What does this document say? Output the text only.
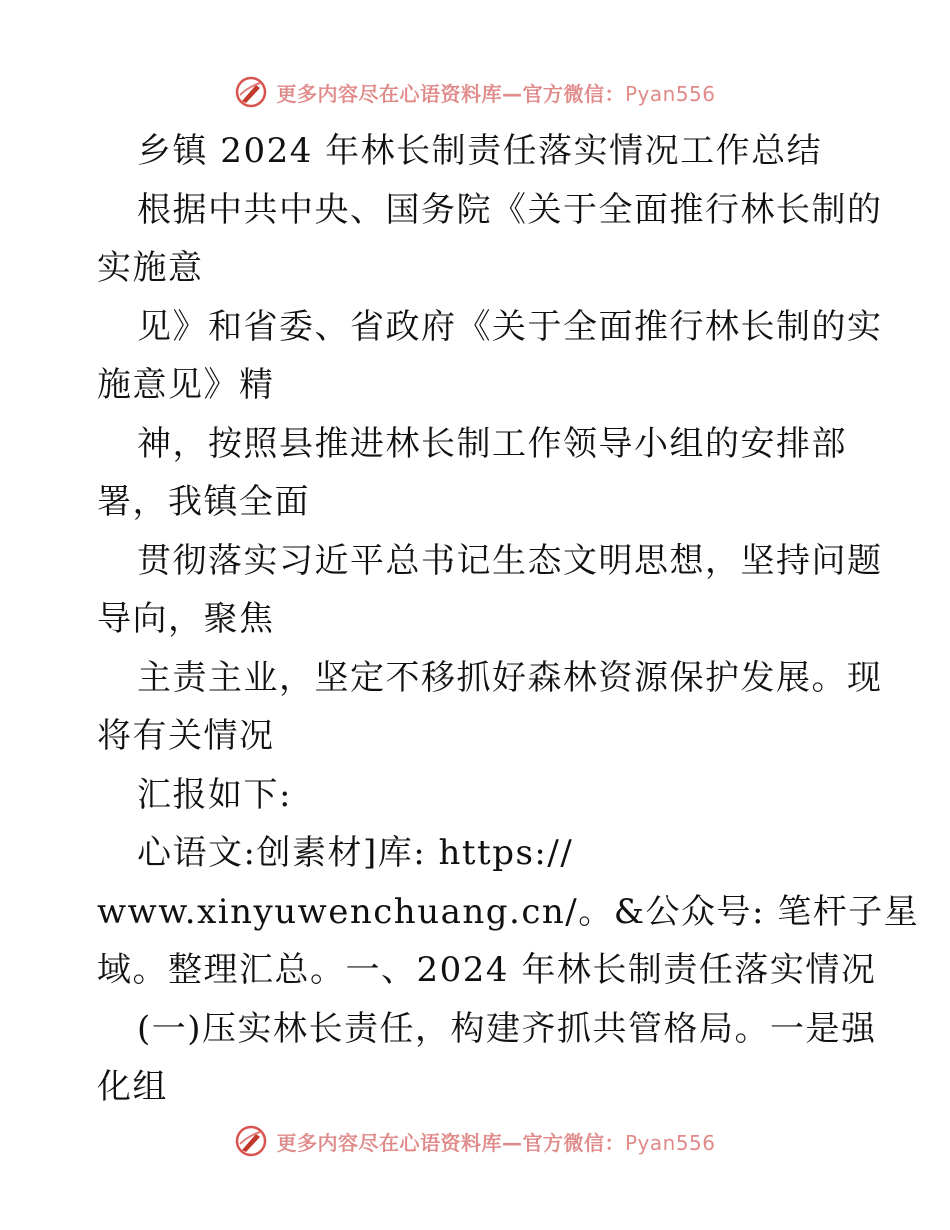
更多内容尽在心语资料库—官方微信：Pyan556
乡镇 2024 年林长制责任落实情况工作总结
根据中共中央、国务院《关于全面推行林长制的
实施意
见》和省委、省政府《关于全面推行林长制的实
施意见》精
神，按照县推进林长制工作领导小组的安排部
署，我镇全面
贯彻落实习近平总书记生态文明思想，坚持问题
导向，聚焦
主责主业，坚定不移抓好森林资源保护发展。现
将有关情况
汇报如下:
心语文:创素材]库: https://
www.xinyuwenchuang.cn/。&公众号: 笔杆子星
域。整理汇总。一、2024 年林长制责任落实情况
(一)压实林长责任，构建齐抓共管格局。一是强
化组
更多内容尽在心语资料库—官方微信：Pyan556
